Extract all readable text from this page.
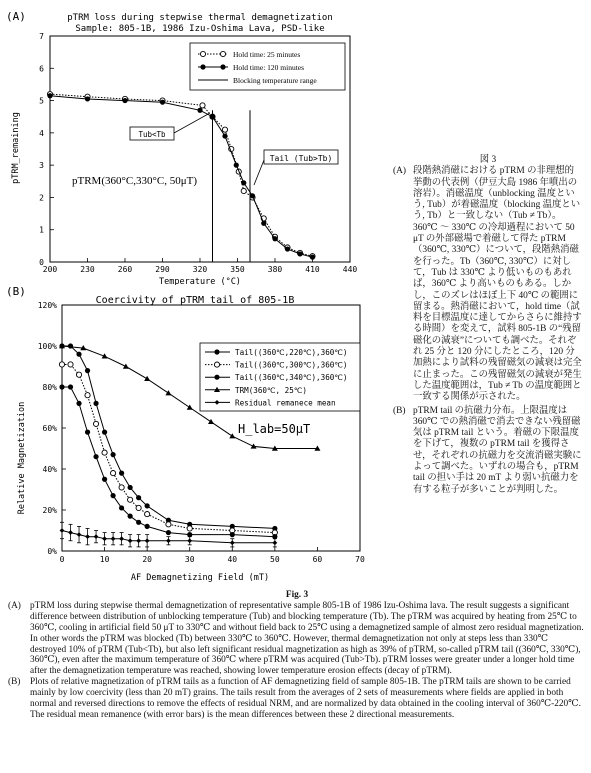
(A)	pTRM loss during stepwise thermal demagnetization
Sample: 805-1B, 1986 Izu-Oshima Lava, PSD-like
200	230	260	290	320	350	380	410	440
0
1
2
3
4
5
6
7
pTRM_remaining
Temperature (°C)
pTRM(360°C,330°C, 50μT)
Tub<Tb
Tail (Tub>Tb)
Hold time: 25 minutes
Hold time: 120 minutes
Blocking temperature range
(B)
Coercivity of pTRM tail of 805-1B
0	10	20	30	40	50	60	70
0%
20%
40%
60%
80%
100%
120%
Relative Magnetization
AF Demagnetizing Field (mT)
H_lab=50μT
Tail((360℃,220℃),360℃)
Tail((360℃,300℃),360℃)
Tail((360℃,340℃),360℃)
TRM(360℃, 25℃)
Residual remanece mean
図 3
(A) 段階熱消磁における pTRM の非理想的挙動の代表例（伊豆大島 1986 年噴出の溶岩）。消磁温度（unblocking 温度という, Tub）が着磁温度（blocking 温度という, Tb）と一致しない（Tub ≠ Tb）。360℃ 〜 330℃ の冷却過程において 50 μT の外部磁場で着磁して得た pTRM（360℃, 330℃）について，段階熱消磁を行った。Tb（360℃, 330℃）に対して，Tub は 330℃ より低いものもあれば，360℃ より高いものもある。しかし，このズレはほぼ上下 40℃ の範囲に留まる。熱消磁において，hold time（試料を目標温度に達してからさらに維持する時間）を変えて，試料 805-1B の“残留磁化の減衰”についても調べた。それぞれ 25 分と 120 分にしたところ，120 分加熱により試料の残留磁気の減衰は完全に止まった。この残留磁気の減衰が発生した温度範囲は，Tub ≠ Tb の温度範囲と一致する関係が示された。
(B) pTRM tail の抗磁力分布。上限温度は 360℃ での熱消磁で消去できない残留磁気は pTRM tail という。着磁の下限温度を下げて，複数の pTRM tail を獲得させ，それぞれの抗磁力を交流消磁実験によって調べた。いずれの場合も，pTRM tail の担い手は 20 mT より弱い抗磁力を有する粒子が多いことが判明した。
Fig. 3
(A) pTRM loss during stepwise thermal demagnetization of representative sample 805-1B of 1986 Izu-Oshima lava. The result suggests a significant difference between distribution of unblocking temperature (Tub) and blocking temperature (Tb). The pTRM was acquired by heating from 25℃ to 360℃, cooling in artificial field 50 μT to 330℃ and without field back to 25℃ using a demagnetized sample of almost zero residual magnetization. In other words the pTRM was blocked (Tb) between 330℃ to 360℃. However, thermal demagnetization not only at steps less than 330℃ destroyed 10% of pTRM (Tub<Tb), but also left significant residual magnetization as high as 39% of pTRM, so-called pTRM tail ((360℃, 330℃), 360℃), even after the maximum temperature of 360℃ where pTRM was acquired (Tub>Tb). pTRM losses were greater under a longer hold time after the demagnetization temperature was reached, showing lower temperature erosion effects (decay of pTRM).
(B)	Plots of relative magnetization of pTRM tails as a function of AF demagnetizing field of sample 805-1B. The pTRM tails are shown to be carried mainly by low coercivity (less than 20 mT) grains. The tails result from the averages of 2 sets of measurements where fields are applied in both normal and reversed directions to remove the effects of residual NRM, and are normalized by data obtained in the cooling interval of 360℃-220℃. The residual mean remanence (with error bars) is the mean differences between these 2 directional measurements.
